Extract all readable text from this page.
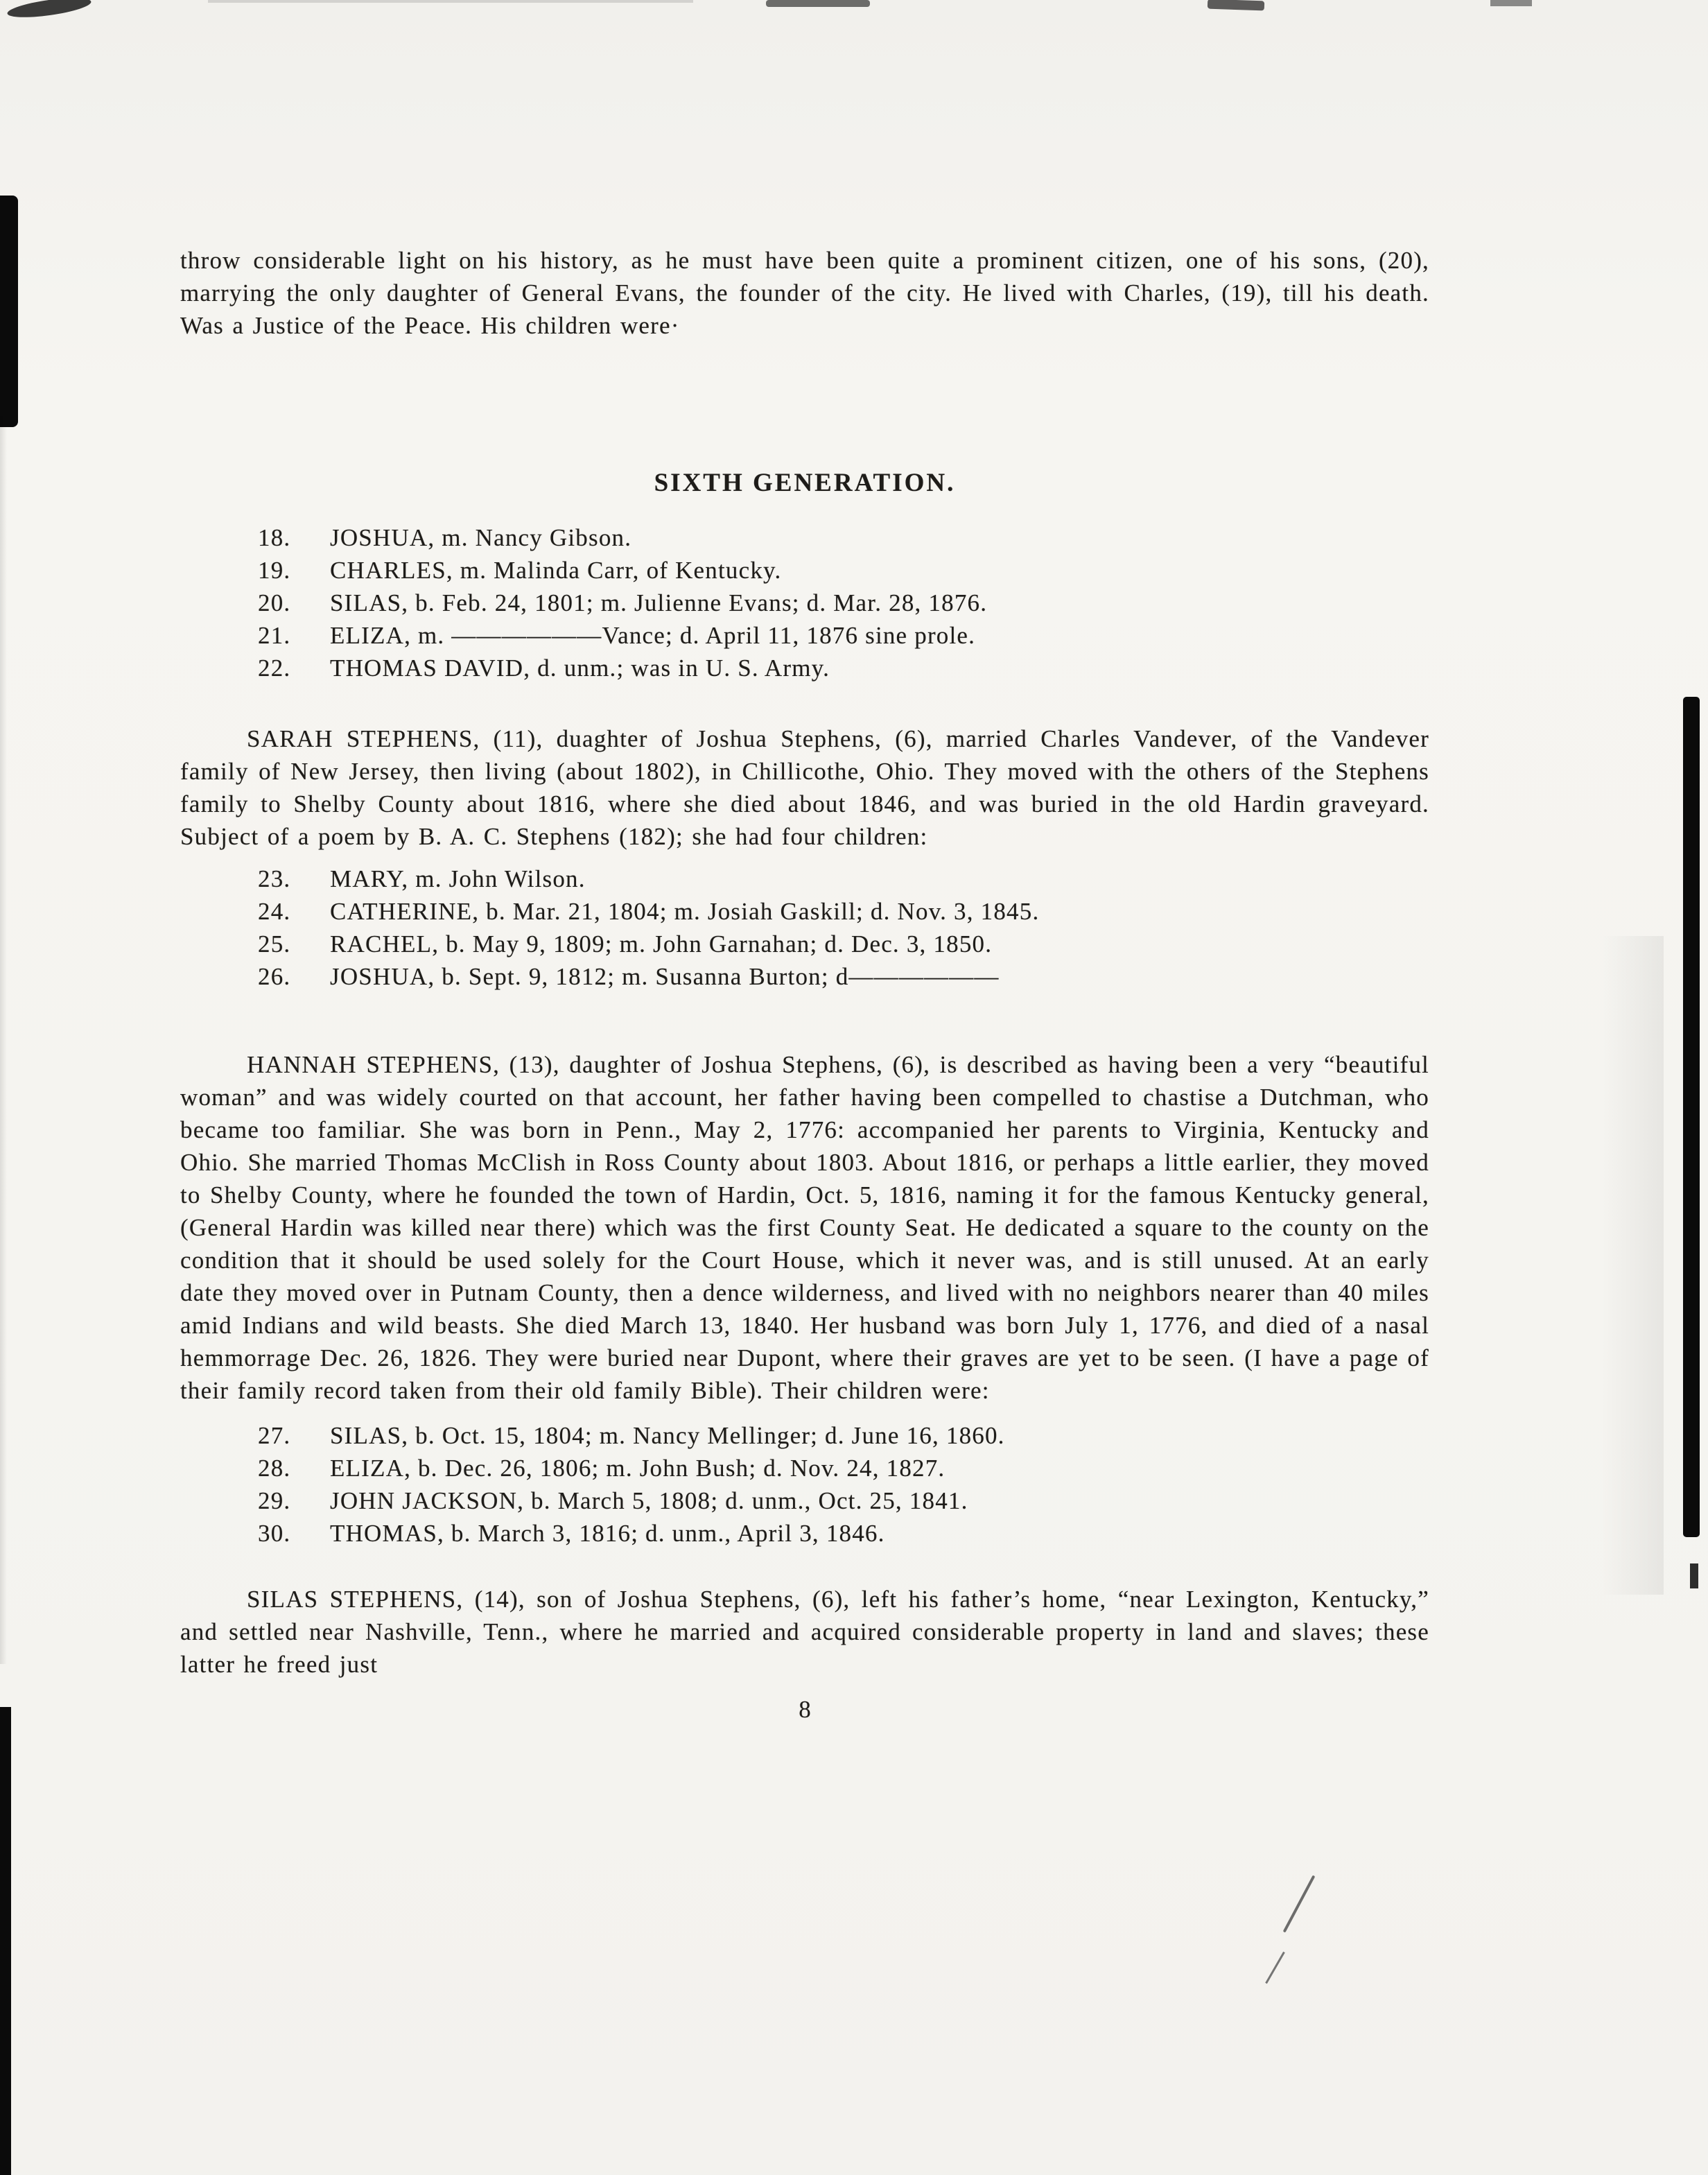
throw considerable light on his history, as he must have been quite a prominent citizen, one of his sons, (20), marrying the only daughter of General Evans, the founder of the city. He lived with Charles, (19), till his death. Was a Justice of the Peace. His children were·

SIXTH GENERATION.
18.	JOSHUA, m. Nancy Gibson.
19.	CHARLES, m. Malinda Carr, of Kentucky.
20.	SILAS, b. Feb. 24, 1801; m. Julienne Evans; d. Mar. 28, 1876.
21.	ELIZA, m. ——————Vance; d. April 11, 1876 sine prole.
22.	THOMAS DAVID, d. unm.; was in U. S. Army.

SARAH STEPHENS, (11), duaghter of Joshua Stephens, (6), married Charles Vandever, of the Vandever family of New Jersey, then living (about 1802), in Chillicothe, Ohio. They moved with the others of the Stephens family to Shelby County about 1816, where she died about 1846, and was buried in the old Hardin graveyard. Subject of a poem by B. A. C. Stephens (182); she had four children:

23.	MARY, m. John Wilson.
24.	CATHERINE, b. Mar. 21, 1804; m. Josiah Gaskill; d. Nov. 3, 1845.
25.	RACHEL, b. May 9, 1809; m. John Garnahan; d. Dec. 3, 1850.
26.	JOSHUA, b. Sept. 9, 1812; m. Susanna Burton; d——————

HANNAH STEPHENS, (13), daughter of Joshua Stephens, (6), is described as having been a very “beautiful woman” and was widely courted on that account, her father having been compelled to chastise a Dutchman, who became too familiar. She was born in Penn., May 2, 1776: accompanied her parents to Virginia, Kentucky and Ohio. She married Thomas McClish in Ross County about 1803. About 1816, or perhaps a little earlier, they moved to Shelby County, where he founded the town of Hardin, Oct. 5, 1816, naming it for the famous Kentucky general, (General Hardin was killed near there) which was the first County Seat. He dedicated a square to the county on the condition that it should be used solely for the Court House, which it never was, and is still unused. At an early date they moved over in Putnam County, then a dence wilderness, and lived with no neighbors nearer than 40 miles amid Indians and wild beasts. She died March 13, 1840. Her husband was born July 1, 1776, and died of a nasal hemmorrage Dec. 26, 1826. They were buried near Dupont, where their graves are yet to be seen. (I have a page of their family record taken from their old family Bible). Their children were:

27.	SILAS, b. Oct. 15, 1804; m. Nancy Mellinger; d. June 16, 1860.
28.	ELIZA, b. Dec. 26, 1806; m. John Bush; d. Nov. 24, 1827.
29.	JOHN JACKSON, b. March 5, 1808; d. unm., Oct. 25, 1841.
30.	THOMAS, b. March 3, 1816; d. unm., April 3, 1846.

SILAS STEPHENS, (14), son of Joshua Stephens, (6), left his father’s home, “near Lexington, Kentucky,” and settled near Nashville, Tenn., where he married and acquired considerable property in land and slaves; these latter he freed just

8
